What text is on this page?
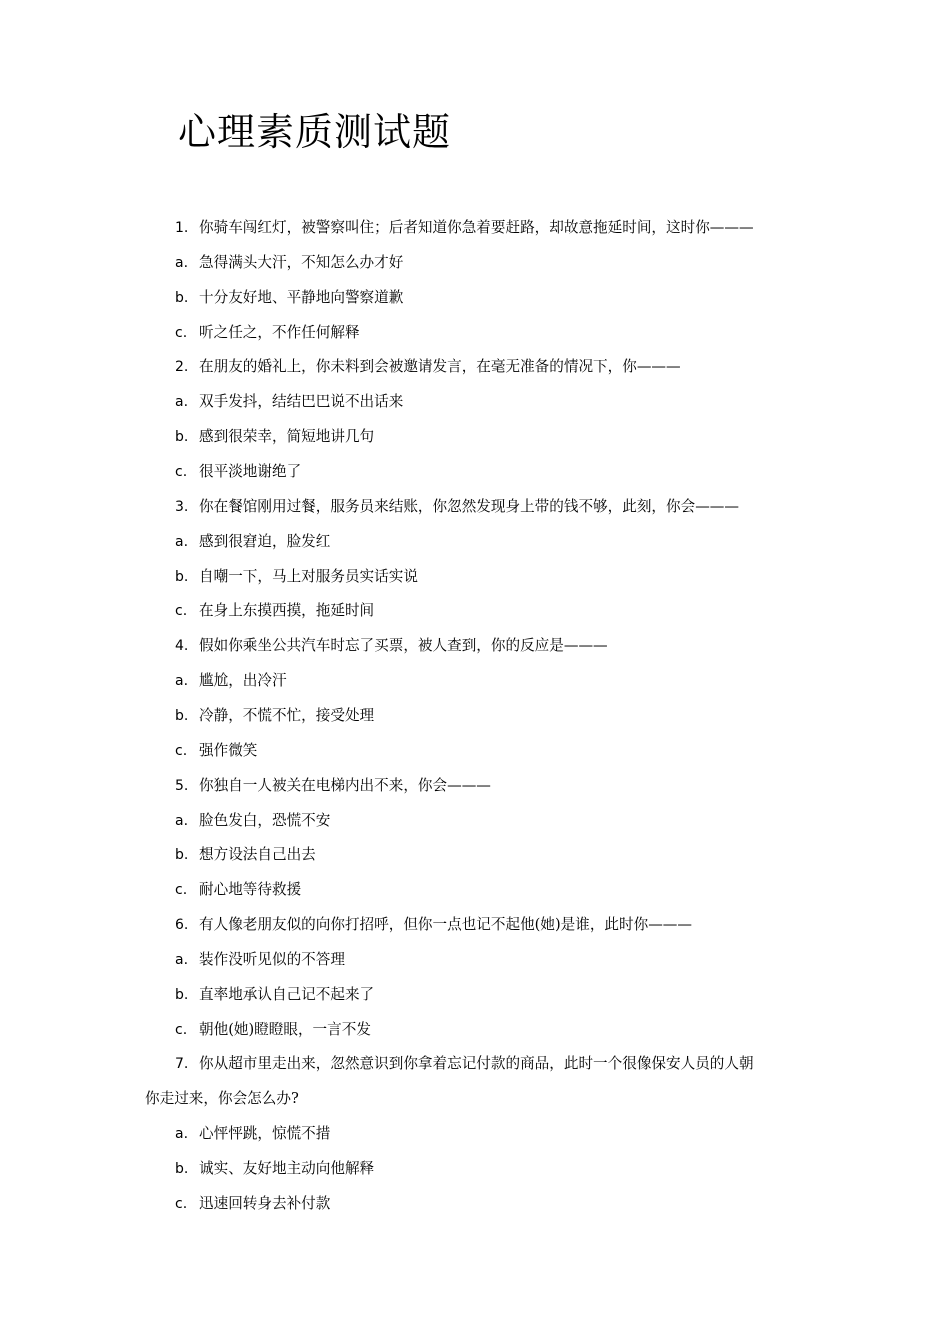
心理素质测试题
1. 你骑车闯红灯，被警察叫住；后者知道你急着要赶路，却故意拖延时间，这时你———
a. 急得满头大汗，不知怎么办才好
b. 十分友好地、平静地向警察道歉
c. 听之任之，不作任何解释
2. 在朋友的婚礼上，你未料到会被邀请发言，在毫无准备的情况下，你———
a. 双手发抖，结结巴巴说不出话来
b. 感到很荣幸，简短地讲几句
c. 很平淡地谢绝了
3. 你在餐馆刚用过餐，服务员来结账，你忽然发现身上带的钱不够，此刻，你会———
a. 感到很窘迫，脸发红
b. 自嘲一下，马上对服务员实话实说
c. 在身上东摸西摸，拖延时间
4. 假如你乘坐公共汽车时忘了买票，被人查到，你的反应是———
a. 尴尬，出冷汗
b. 冷静，不慌不忙，接受处理
c. 强作微笑
5. 你独自一人被关在电梯内出不来，你会———
a. 脸色发白，恐慌不安
b. 想方设法自己出去
c. 耐心地等待救援
6. 有人像老朋友似的向你打招呼，但你一点也记不起他(她)是谁，此时你———
a. 装作没听见似的不答理
b. 直率地承认自己记不起来了
c. 朝他(她)瞪瞪眼，一言不发
7. 你从超市里走出来，忽然意识到你拿着忘记付款的商品，此时一个很像保安人员的人朝
你走过来，你会怎么办?
a. 心怦怦跳，惊慌不措
b. 诚实、友好地主动向他解释
c. 迅速回转身去补付款
